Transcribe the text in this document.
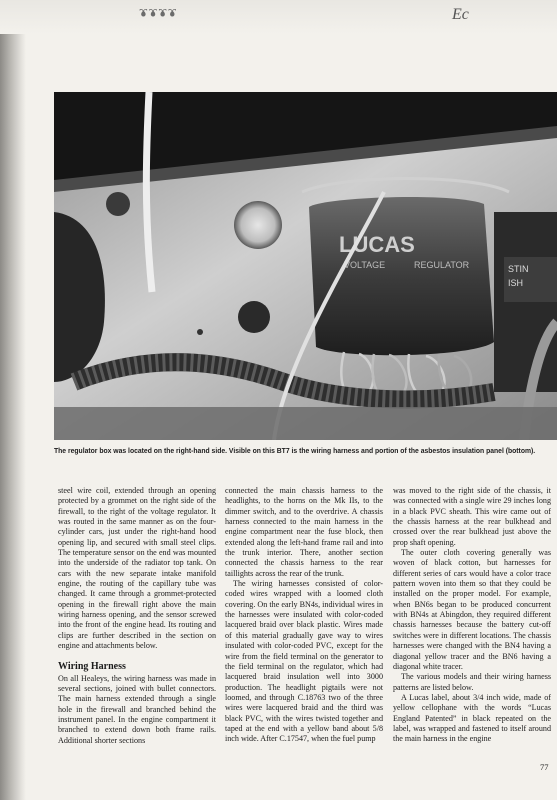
ᴥᴥᴥᴥ	Ec
LUCAS
VOLTAGE	REGULATOR	STIN
ISH
The regulator box was located on the right-hand side. Visible on this BT7 is the wiring harness and portion of the asbestos insulation panel (bottom).

steel wire coil, extended through an opening protected by a grommet on the right side of the firewall, to the right of the voltage regulator. It was routed in the same manner as on the four-cylinder cars, just under the right-hand hood opening lip, and secured with small steel clips. The temperature sensor on the end was mounted into the underside of the radiator top tank. On cars with the new separate intake manifold engine, the routing of the capillary tube was changed. It came through a grommet-protected opening in the firewall right above the main wiring harness opening, and the sensor screwed into the front of the engine head. Its routing and clips are further described in the section on engine and attachments below.

Wiring Harness

On all Healeys, the wiring harness was made in several sections, joined with bullet connectors. The main harness extended through a single hole in the firewall and branched behind the instrument panel. In the engine compartment it branched to extend down both frame rails. Additional shorter sections

connected the main chassis harness to the headlights, to the horns on the Mk IIs, to the dimmer switch, and to the overdrive. A chassis harness connected to the main harness in the engine compartment near the fuse block, then extended along the left-hand frame rail and into the trunk interior. There, another section connected the chassis harness to the rear taillights across the rear of the trunk.

The wiring harnesses consisted of color-coded wires wrapped with a loomed cloth covering. On the early BN4s, individual wires in the harnesses were insulated with color-coded lacquered braid over black plastic. Wires made of this material gradually gave way to wires insulated with color-coded PVC, except for the wire from the field terminal on the generator to the field terminal on the regulator, which had lacquered braid insulation well into 3000 production. The headlight pigtails were not loomed, and through C.18763 two of the three wires were lacquered braid and the third was black PVC, with the wires twisted together and taped at the end with a yellow band about 5/8 inch wide. After C.17547, when the fuel pump

was moved to the right side of the chassis, it was connected with a single wire 29 inches long in a black PVC sheath. This wire came out of the chassis harness at the rear bulkhead and crossed over the rear bulkhead just above the prop shaft opening.

The outer cloth covering generally was woven of black cotton, but harnesses for different series of cars would have a color trace pattern woven into them so that they could be installed on the proper model. For example, when BN6s began to be produced concurrent with BN4s at Abingdon, they required different chassis harnesses because the battery cut-off switches were in different locations. The chassis harnesses were changed with the BN4 having a diagonal yellow tracer and the BN6 having a diagonal white tracer.

The various models and their wiring harness patterns are listed below.

A Lucas label, about 3/4 inch wide, made of yellow cellophane with the words “Lucas England Patented” in black repeated on the label, was wrapped and fastened to itself around the main harness in the engine

77
